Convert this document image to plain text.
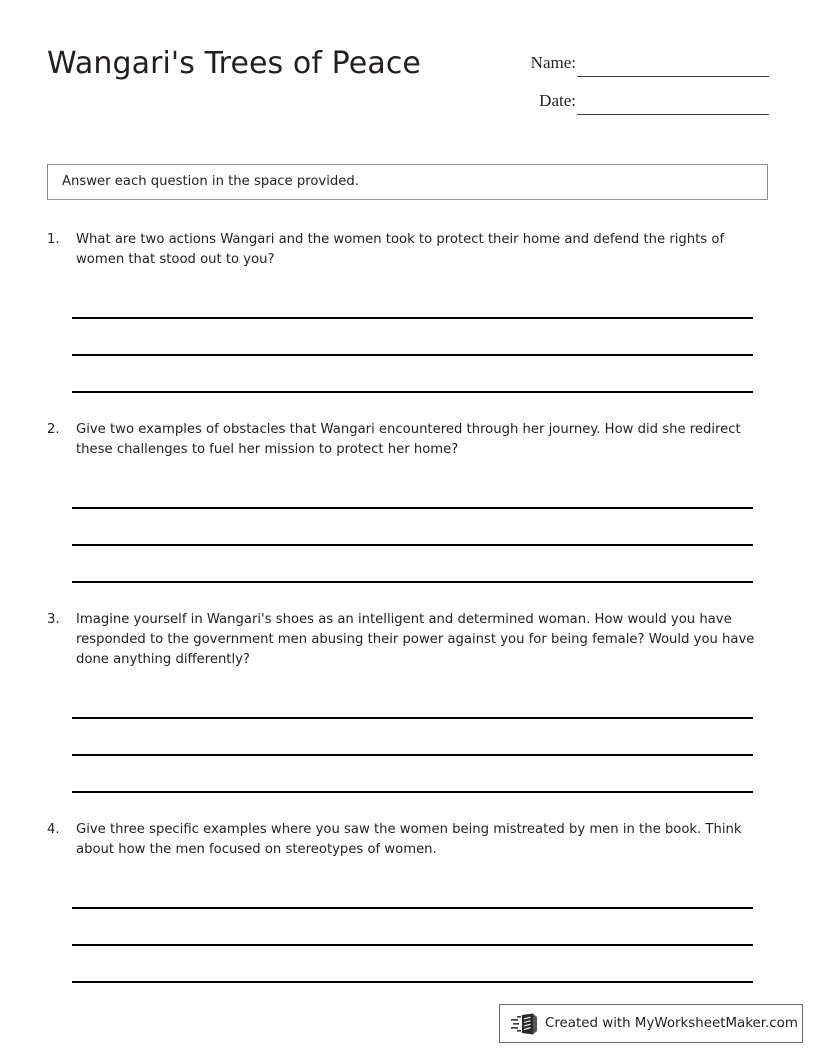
Wangari's Trees of Peace	Name:
Date:
Answer each question in the space provided.
1.	What are two actions Wangari and the women took to protect their home and defend the rights of women that stood out to you?
2.	Give two examples of obstacles that Wangari encountered through her journey. How did she redirect these challenges to fuel her mission to protect her home?
3.	Imagine yourself in Wangari's shoes as an intelligent and determined woman. How would you have responded to the government men abusing their power against you for being female? Would you have done anything differently?
4.	Give three specific examples where you saw the women being mistreated by men in the book. Think about how the men focused on stereotypes of women.
Created with MyWorksheetMaker.com
